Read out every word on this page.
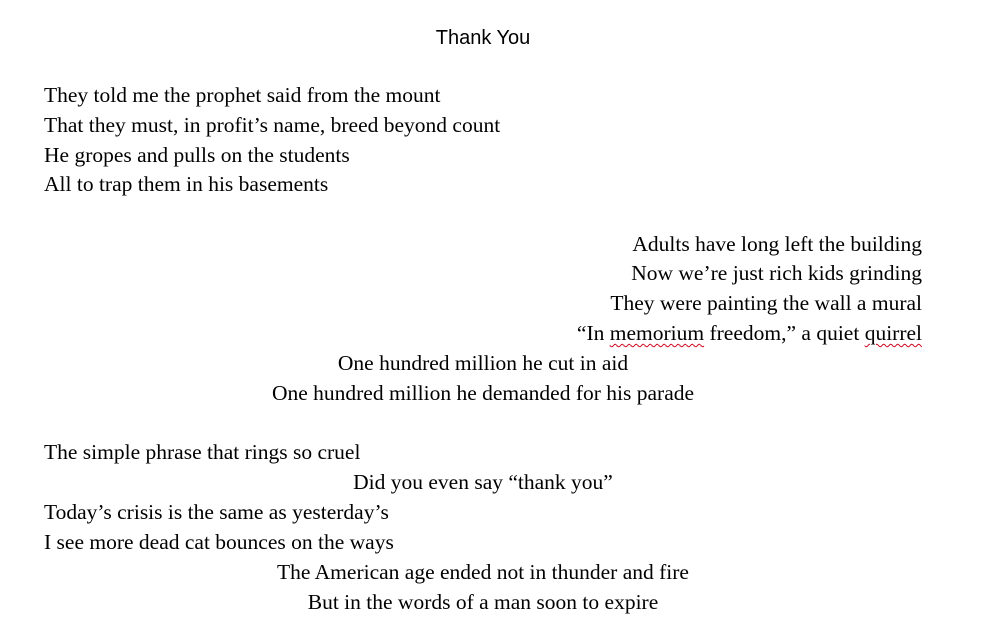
Thank You
They told me the prophet said from the mount
That they must, in profit’s name, breed beyond count
He gropes and pulls on the students
All to trap them in his basements
Adults have long left the building
Now we’re just rich kids grinding
They were painting the wall a mural
“In memorium freedom,” a quiet quirrel
One hundred million he cut in aid
One hundred million he demanded for his parade
The simple phrase that rings so cruel
Did you even say “thank you”
Today’s crisis is the same as yesterday’s
I see more dead cat bounces on the ways
The American age ended not in thunder and fire
But in the words of a man soon to expire
